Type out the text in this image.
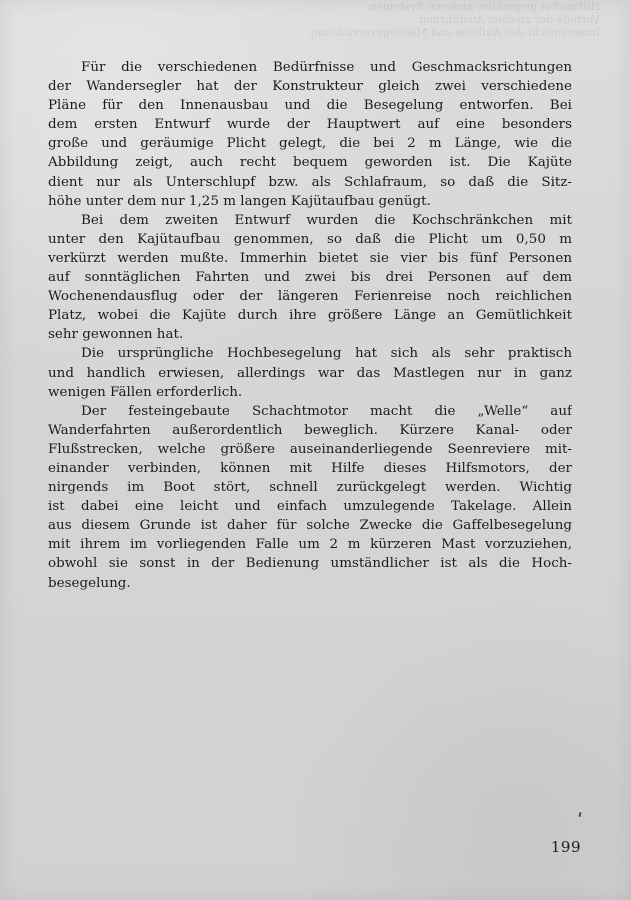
Hilfsmotor gegenüber anderen Systemen
Vorteile der zweiten Ausführung
Innenansicht des Aufbaus und Mastlegevorrichtung

Für die verschiedenen Bedürfnisse und Geschmacksrichtungen
der Wandersegler hat der Konstrukteur gleich zwei verschiedene
Pläne für den Innenausbau und die Besegelung entworfen. Bei
dem ersten Entwurf wurde der Hauptwert auf eine besonders
große und geräumige Plicht gelegt, die bei 2 m Länge, wie die
Abbildung zeigt, auch recht bequem geworden ist. Die Kajüte
dient nur als Unterschlupf bzw. als Schlafraum, so daß die Sitz-
höhe unter dem nur 1,25 m langen Kajütaufbau genügt.

Bei dem zweiten Entwurf wurden die Kochschränkchen mit
unter den Kajütaufbau genommen, so daß die Plicht um 0,50 m
verkürzt werden mußte. Immerhin bietet sie vier bis fünf Personen
auf sonntäglichen Fahrten und zwei bis drei Personen auf dem
Wochenendausflug oder der längeren Ferienreise noch reichlichen
Platz, wobei die Kajüte durch ihre größere Länge an Gemütlichkeit
sehr gewonnen hat.

Die ursprüngliche Hochbesegelung hat sich als sehr praktisch
und handlich erwiesen, allerdings war das Mastlegen nur in ganz
wenigen Fällen erforderlich.

Der festeingebaute Schachtmotor macht die „Welle“ auf
Wanderfahrten außerordentlich beweglich. Kürzere Kanal- oder
Flußstrecken, welche größere auseinanderliegende Seenreviere mit-
einander verbinden, können mit Hilfe dieses Hilfsmotors, der
nirgends im Boot stört, schnell zurückgelegt werden. Wichtig
ist dabei eine leicht und einfach umzulegende Takelage. Allein
aus diesem Grunde ist daher für solche Zwecke die Gaffelbesegelung
mit ihrem im vorliegenden Falle um 2 m kürzeren Mast vorzuziehen,
obwohl sie sonst in der Bedienung umständlicher ist als die Hoch-
besegelung.

199
